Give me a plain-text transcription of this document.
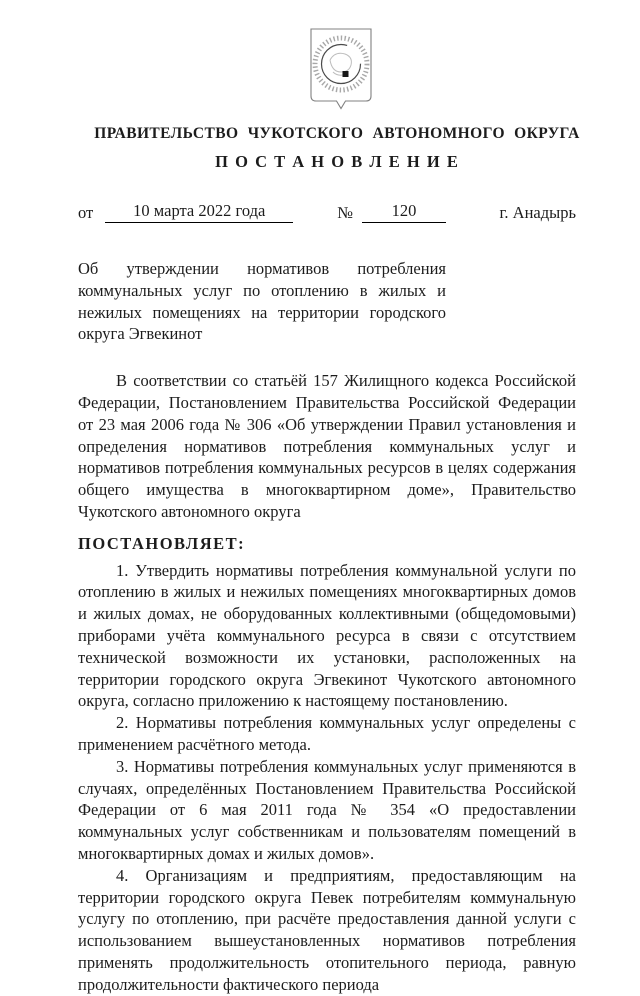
ПРАВИТЕЛЬСТВО ЧУКОТСКОГО АВТОНОМНОГО ОКРУГА
П О С Т А Н О В Л Е Н И Е
от	10 марта 2022 года	№	120	г. Анадырь
Об утверждении нормативов потребления коммунальных услуг по отоплению в жилых и нежилых помещениях на территории городского округа Эгвекинот
В соответствии со статьёй 157 Жилищного кодекса Российской Федерации, Постановлением Правительства Российской Федерации от 23 мая 2006 года № 306 «Об утверждении Правил установления и определения нормативов потребления коммунальных услуг и нормативов потребления коммунальных ресурсов в целях содержания общего имущества в многоквартирном доме», Правительство Чукотского автономного округа
ПОСТАНОВЛЯЕТ:

1. Утвердить нормативы потребления коммунальной услуги по отоплению в жилых и нежилых помещениях многоквартирных домов и жилых домах, не оборудованных коллективными (общедомовыми) приборами учёта коммунального ресурса в связи с отсутствием технической возможности их установки, расположенных на территории городского округа Эгвекинот Чукотского автономного округа, согласно приложению к настоящему постановлению.

2. Нормативы потребления коммунальных услуг определены с применением расчётного метода.

3. Нормативы потребления коммунальных услуг применяются в случаях, определённых Постановлением Правительства Российской Федерации от 6 мая 2011 года № 354 «О предоставлении коммунальных услуг собственникам и пользователям помещений в многоквартирных домах и жилых домов».

4. Организациям и предприятиям, предоставляющим на территории городского округа Певек потребителям коммунальную услугу по отоплению, при расчёте предоставления данной услуги с использованием вышеустановленных нормативов потребления применять продолжительность отопительного периода, равную продолжительности фактического периода
